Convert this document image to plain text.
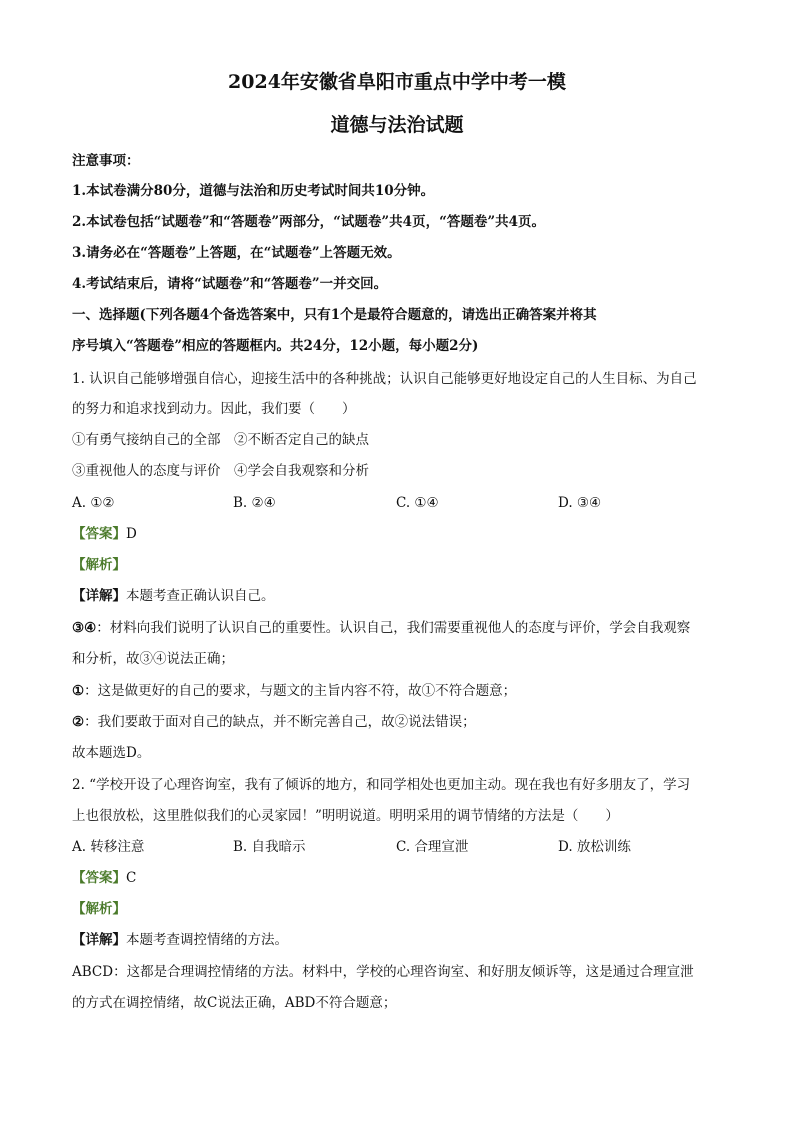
2024年安徽省阜阳市重点中学中考一模
道德与法治试题
注意事项：
1.本试卷满分80分，道德与法治和历史考试时间共10分钟。
2.本试卷包括“试题卷”和“答题卷”两部分，“试题卷”共4页，“答题卷”共4页。
3.请务必在“答题卷”上答题，在“试题卷”上答题无效。
4.考试结束后，请将“试题卷”和“答题卷”一并交回。
一、选择题(下列各题4个备选答案中，只有1个是最符合题意的，请选出正确答案并将其
序号填入“答题卷”相应的答题框内。共24分，12小题，每小题2分)
1. 认识自己能够增强自信心，迎接生活中的各种挑战；认识自己能够更好地设定自己的人生目标、为自己
的努力和追求找到动力。因此，我们要（　　）
①有勇气接纳自己的全部　②不断否定自己的缺点
③重视他人的态度与评价　④学会自我观察和分析
A. ①②	B. ②④	C. ①④	D. ③④
【答案】D
【解析】
【详解】本题考查正确认识自己。
③④：材料向我们说明了认识自己的重要性。认识自己，我们需要重视他人的态度与评价，学会自我观察
和分析，故③④说法正确；
①：这是做更好的自己的要求，与题文的主旨内容不符，故①不符合题意；
②：我们要敢于面对自己的缺点，并不断完善自己，故②说法错误；
故本题选D。
2. “学校开设了心理咨询室，我有了倾诉的地方，和同学相处也更加主动。现在我也有好多朋友了，学习
上也很放松，这里胜似我们的心灵家园！”明明说道。明明采用的调节情绪的方法是（　　）
A. 转移注意	B. 自我暗示	C. 合理宣泄	D. 放松训练
【答案】C
【解析】
【详解】本题考查调控情绪的方法。
ABCD：这都是合理调控情绪的方法。材料中，学校的心理咨询室、和好朋友倾诉等，这是通过合理宣泄
的方式在调控情绪，故C说法正确，ABD不符合题意；
